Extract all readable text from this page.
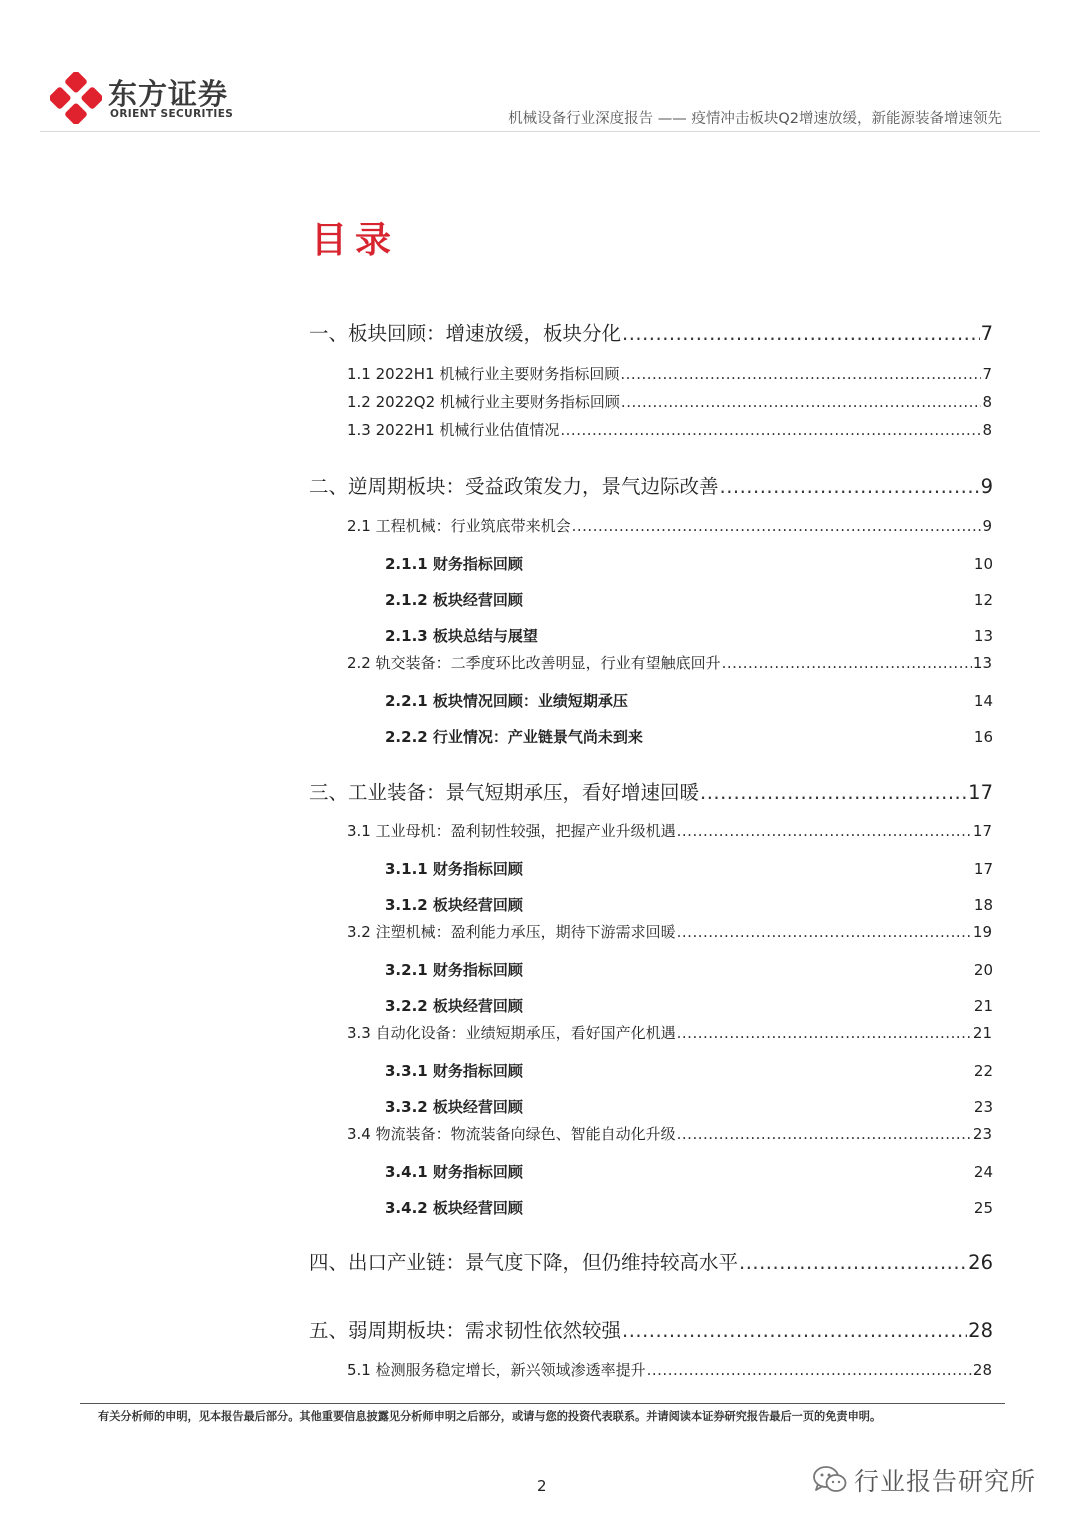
东方证券
ORIENT SECURITIES	机械设备行业深度报告 —— 疫情冲击板块Q2增速放缓，新能源装备增速领先
目录
一、板块回顾：增速放缓，板块分化 .....	7
1.1 2022H1 机械行业主要财务指标回顾 .....	7
1.2 2022Q2 机械行业主要财务指标回顾 .....	8
1.3 2022H1 机械行业估值情况 .....	8
二、逆周期板块：受益政策发力，景气边际改善 .....	9
2.1 工程机械：行业筑底带来机会 .....	9
2.1.1 财务指标回顾	10
2.1.2 板块经营回顾	12
2.1.3 板块总结与展望	13
2.2 轨交装备：二季度环比改善明显，行业有望触底回升 .....	13
2.2.1 板块情况回顾：业绩短期承压	14
2.2.2 行业情况：产业链景气尚未到来	16
三、工业装备：景气短期承压，看好增速回暖 .....	17
3.1 工业母机：盈利韧性较强，把握产业升级机遇 .....	17
3.1.1 财务指标回顾	17
3.1.2 板块经营回顾	18
3.2 注塑机械：盈利能力承压，期待下游需求回暖 .....	19
3.2.1 财务指标回顾	20
3.2.2 板块经营回顾	21
3.3 自动化设备：业绩短期承压，看好国产化机遇 .....	21
3.3.1 财务指标回顾	22
3.3.2 板块经营回顾	23
3.4 物流装备：物流装备向绿色、智能自动化升级 .....	23
3.4.1 财务指标回顾	24
3.4.2 板块经营回顾	25
四、出口产业链：景气度下降，但仍维持较高水平 .....	26
五、弱周期板块：需求韧性依然较强 .....	28
5.1 检测服务稳定增长，新兴领域渗透率提升 .....	28
有关分析师的申明，见本报告最后部分。其他重要信息披露见分析师申明之后部分，或请与您的投资代表联系。并请阅读本证券研究报告最后一页的免责申明。
2	行业报告研究所
